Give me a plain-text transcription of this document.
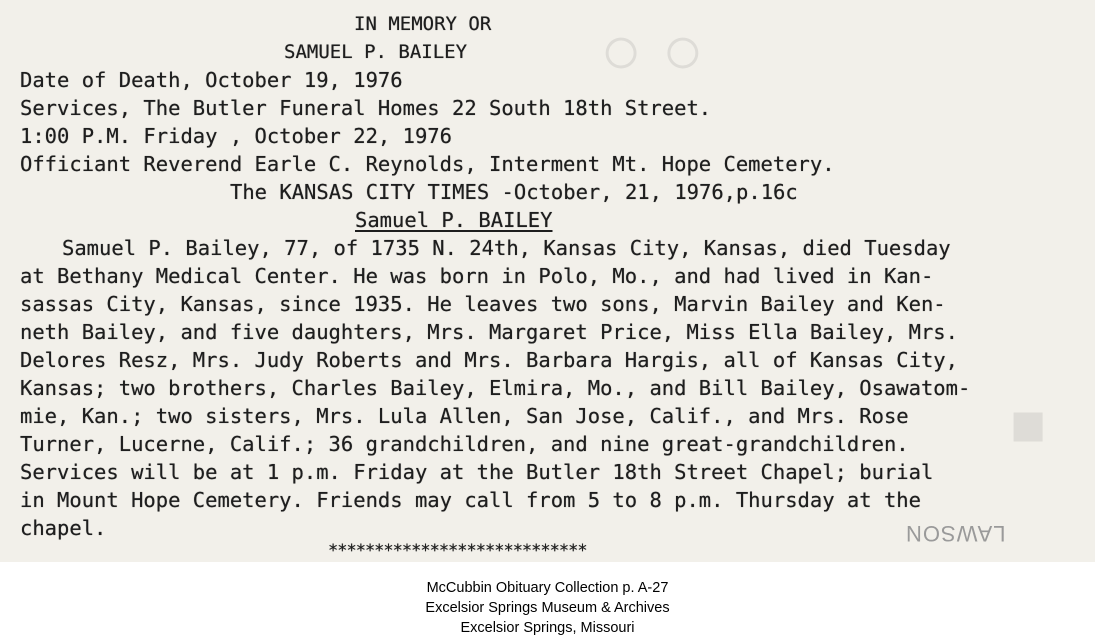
○ ○
■

IN MEMORY OR

SAMUEL P. BAILEY

Date of Death, October 19, 1976

Services, The Butler Funeral Homes 22 South 18th Street.

1:00 P.M. Friday , October 22, 1976

Officiant Reverend Earle C. Reynolds, Interment Mt. Hope Cemetery.

The KANSAS CITY TIMES -October, 21, 1976,p.16c

Samuel P. BAILEY

Samuel P. Bailey, 77, of 1735 N. 24th, Kansas City, Kansas, died Tuesday

at Bethany Medical Center. He was born in Polo, Mo., and had lived in Kan-

sassas City, Kansas, since 1935. He leaves two sons, Marvin Bailey and Ken-

neth Bailey, and five daughters, Mrs. Margaret Price, Miss Ella Bailey, Mrs.

Delores Resz, Mrs. Judy Roberts and Mrs. Barbara Hargis, all of Kansas City,

Kansas; two brothers, Charles Bailey, Elmira, Mo., and Bill Bailey, Osawatom-

mie, Kan.; two sisters, Mrs. Lula Allen, San Jose, Calif., and Mrs. Rose

Turner, Lucerne, Calif.; 36 grandchildren, and nine great-grandchildren.

Services will be at 1 p.m. Friday at the Butler 18th Street Chapel; burial

in Mount Hope Cemetery. Friends may call from 5 to 8 p.m. Thursday at the

chapel.

****************************

LAWSON
McCubbin Obituary Collection p. A-27
Excelsior Springs Museum & Archives
Excelsior Springs, Missouri
